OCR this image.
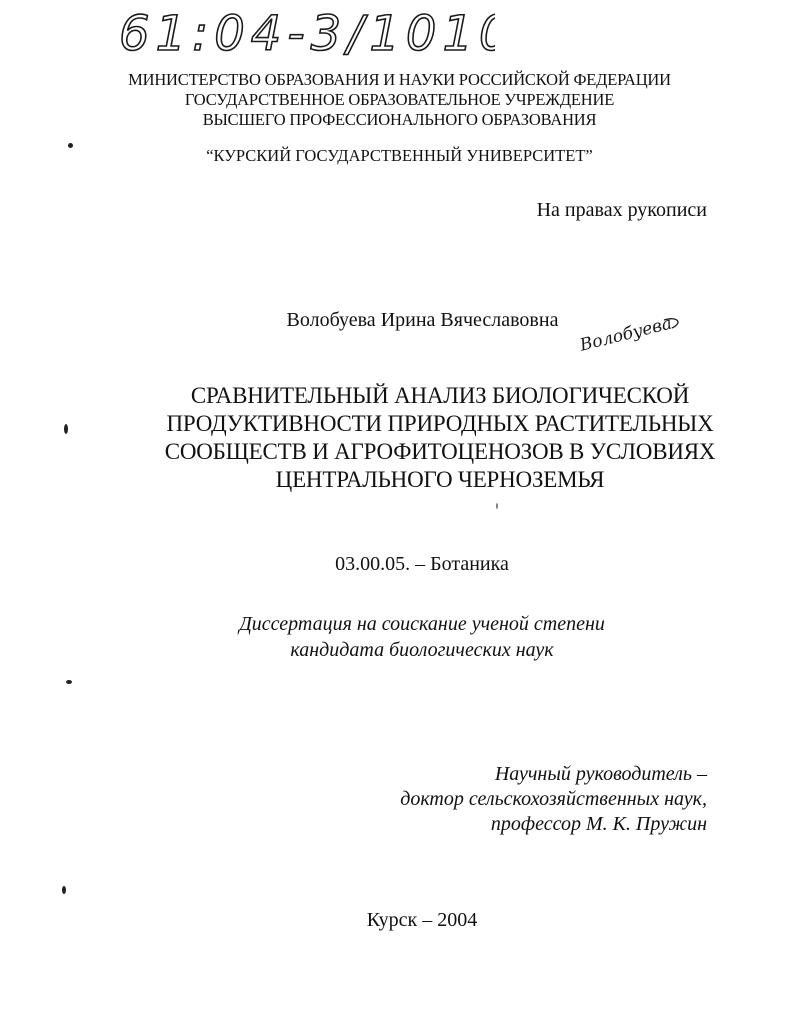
61:04-3/1010
МИНИСТЕРСТВО ОБРАЗОВАНИЯ И НАУКИ РОССИЙСКОЙ ФЕДЕРАЦИИ
ГОСУДАРСТВЕННОЕ ОБРАЗОВАТЕЛЬНОЕ УЧРЕЖДЕНИЕ
ВЫСШЕГО ПРОФЕССИОНАЛЬНОГО ОБРАЗОВАНИЯ
“КУРСКИЙ ГОСУДАРСТВЕННЫЙ УНИВЕРСИТЕТ”
На правах рукописи
Волобуева Ирина Вячеславовна	Волобуева
СРАВНИТЕЛЬНЫЙ АНАЛИЗ БИОЛОГИЧЕСКОЙ
ПРОДУКТИВНОСТИ ПРИРОДНЫХ РАСТИТЕЛЬНЫХ
СООБЩЕСТВ И АГРОФИТОЦЕНОЗОВ В УСЛОВИЯХ
ЦЕНТРАЛЬНОГО ЧЕРНОЗЕМЬЯ
03.00.05. – Ботаника
Диссертация на соискание ученой степени
кандидата биологических наук
Научный руководитель –
доктор сельскохозяйственных наук,
профессор М. К. Пружин
Курск – 2004
